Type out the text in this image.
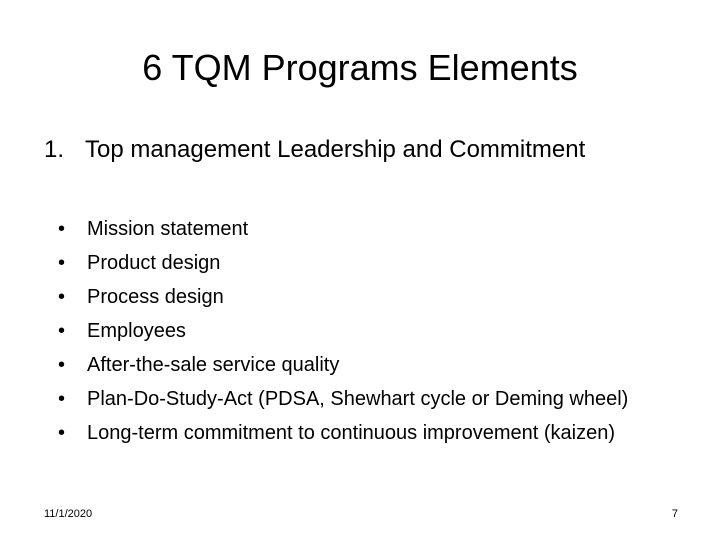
6 TQM Programs Elements
1. Top management Leadership and Commitment
•	Mission statement
•	Product design
•	Process design
•	Employees
•	After-the-sale service quality
•	Plan-Do-Study-Act (PDSA, Shewhart cycle or Deming wheel)
•	Long-term commitment to continuous improvement (kaizen)
11/1/2020	7
